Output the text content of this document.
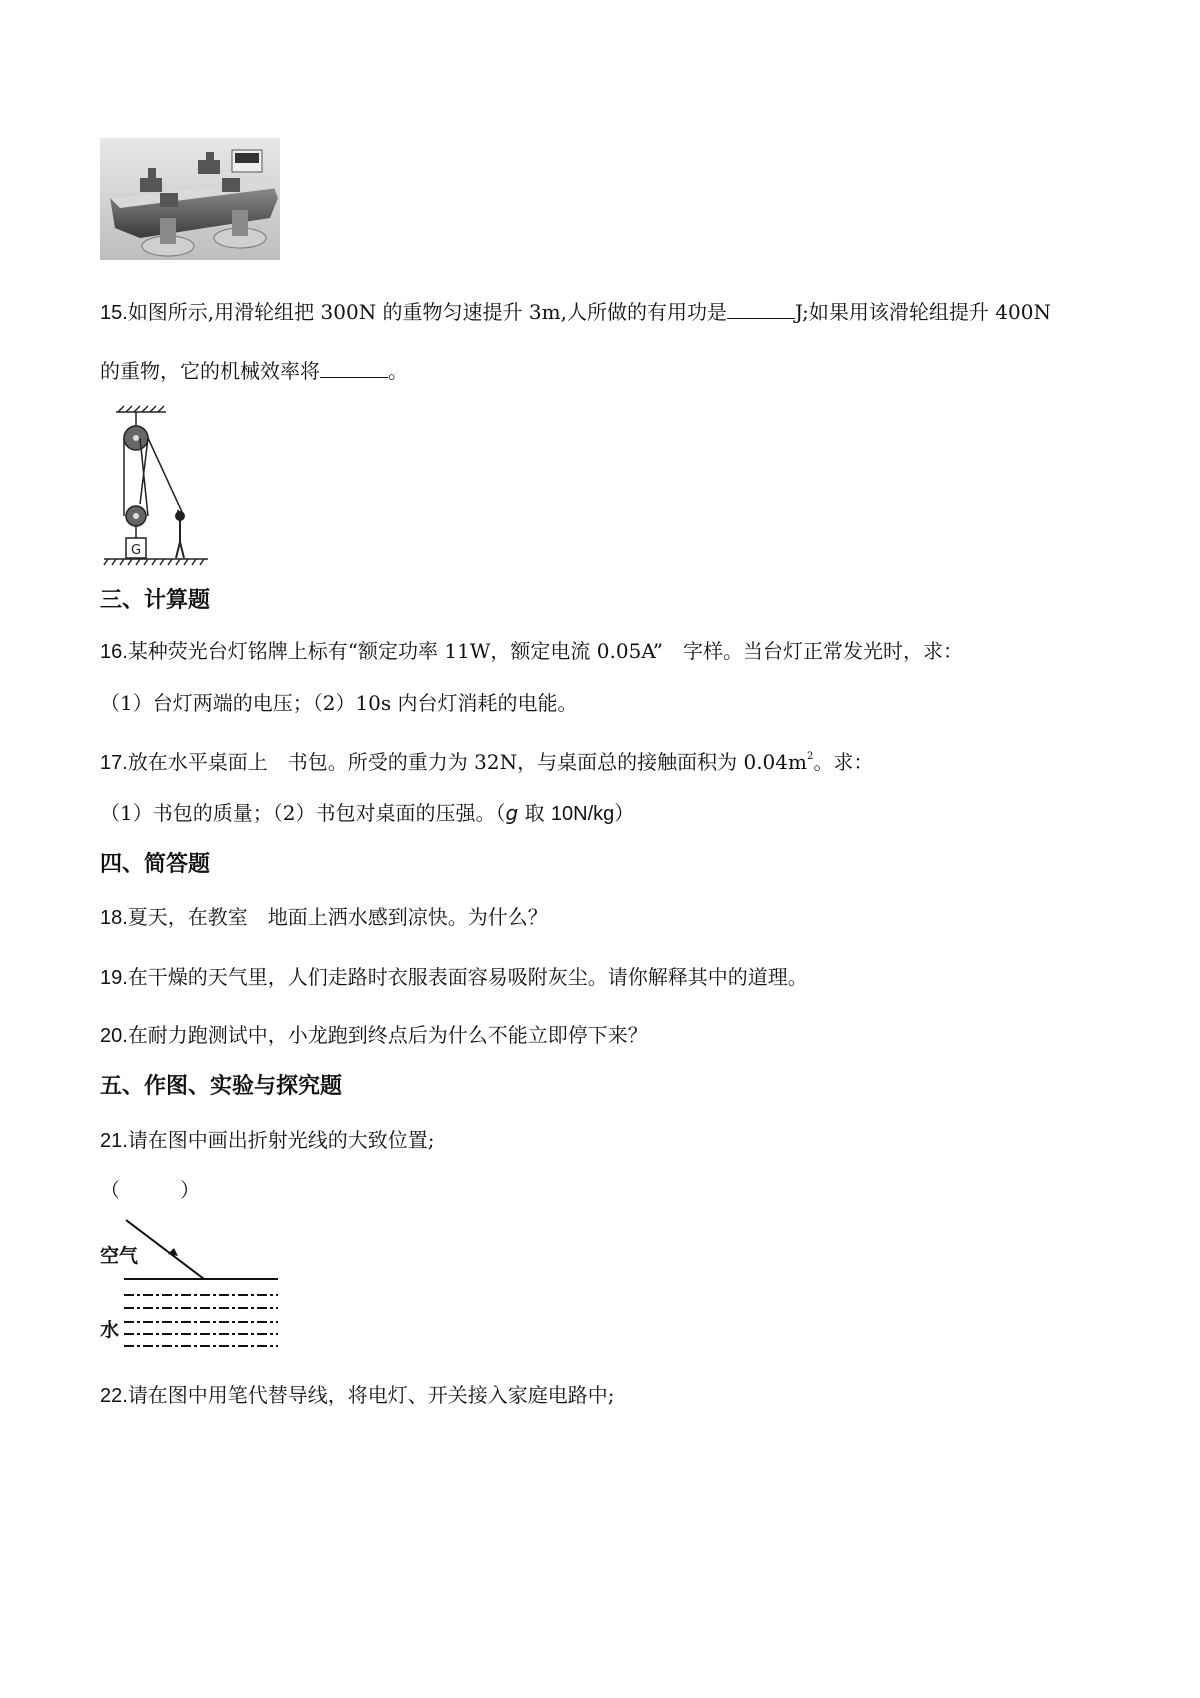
15.如图所示,用滑轮组把 300N 的重物匀速提升 3m,人所做的有用功是	J;如果用该滑轮组提升 400N
的重物，它的机械效率将	。
G
三、计算题
16.某种荧光台灯铭牌上标有“额定功率 11W，额定电流 0.05A”　字样。当台灯正常发光时，求：
（1）台灯两端的电压；（2）10s 内台灯消耗的电能。
17.放在水平桌面上　书包。所受的重力为 32N，与桌面总的接触面积为 $0.04m^2$。求：
（1）书包的质量；（2）书包对桌面的压强。（g 取 10N/kg）
四、简答题
18.夏天，在教室　地面上洒水感到凉快。为什么？
19.在干燥的天气里，人们走路时衣服表面容易吸附灰尘。请你解释其中的道理。
20.在耐力跑测试中，小龙跑到终点后为什么不能立即停下来？
五、作图、实验与探究题
21.请在图中画出折射光线的大致位置;
（　　　）
空气
水
22.请在图中用笔代替导线，将电灯、开关接入家庭电路中;
